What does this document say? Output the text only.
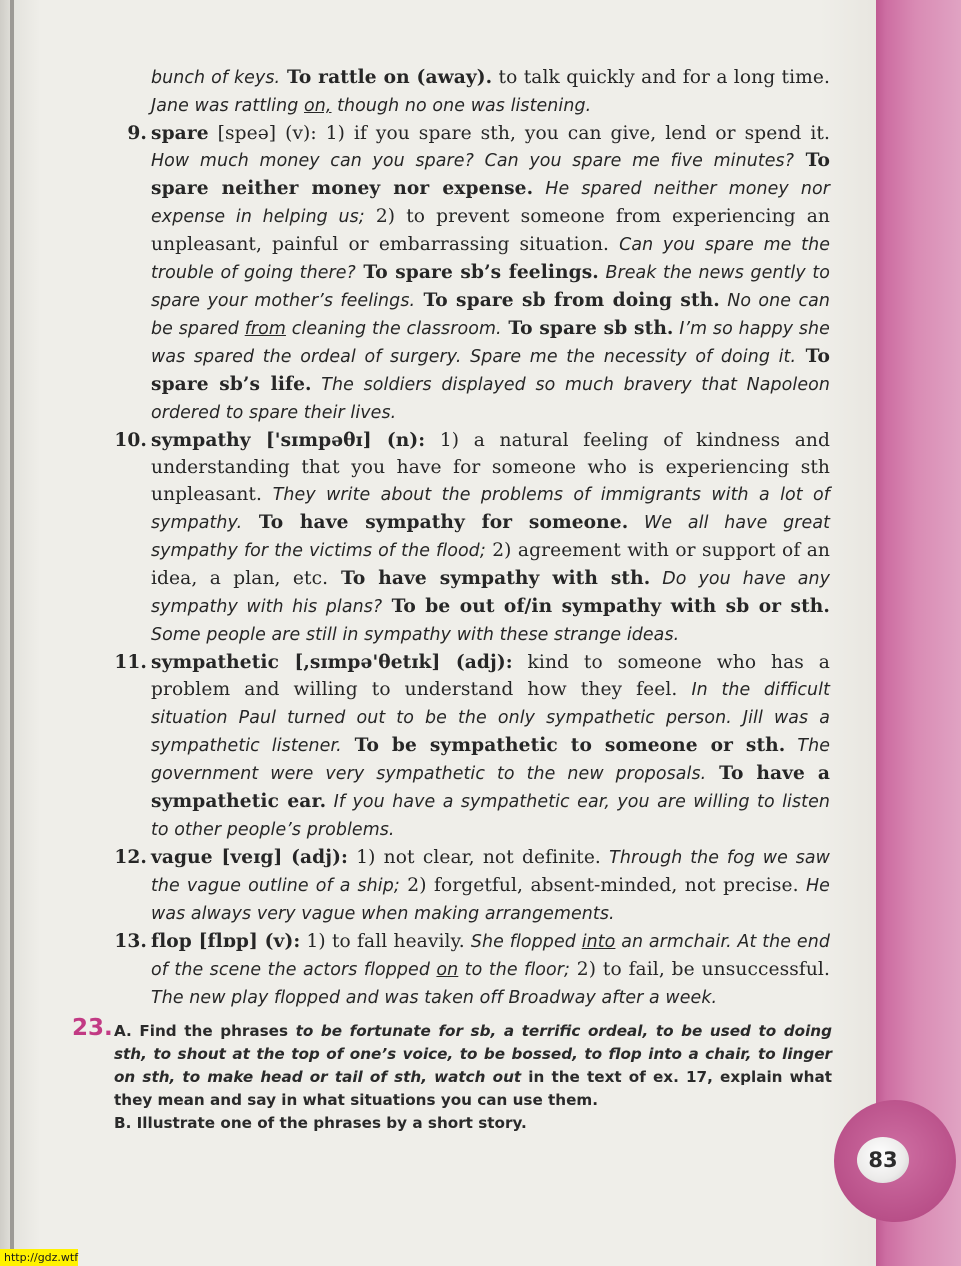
bunch of keys. To rattle on (away). to talk quickly and for a long time. Jane was rattling on, though no one was listening.
9. spare [speə] (v): 1) if you spare sth, you can give, lend or spend it. How much money can you spare? Can you spare me five minutes? To spare neither money nor expense. He spared neither money nor expense in helping us; 2) to prevent someone from experiencing an unpleasant, painful or embarrassing situation. Can you spare me the trouble of going there? To spare sb’s feelings. Break the news gently to spare your mother’s feelings. To spare sb from doing sth. No one can be spared from cleaning the classroom. To spare sb sth. I’m so happy she was spared the ordeal of surgery. Spare me the necessity of doing it. To spare sb’s life. The soldiers displayed so much bravery that Napoleon ordered to spare their lives.
10. sympathy ['sɪmpəθɪ] (n): 1) a natural feeling of kindness and understanding that you have for someone who is experiencing sth unpleasant. They write about the problems of immigrants with a lot of sympathy. To have sympathy for someone. We all have great sympathy for the victims of the flood; 2) agreement with or support of an idea, a plan, etc. To have sympathy with sth. Do you have any sympathy with his plans? To be out of/in sympathy with sb or sth. Some people are still in sympathy with these strange ideas.
11. sympathetic [,sɪmpə'θetɪk] (adj): kind to someone who has a problem and willing to understand how they feel. In the difficult situation Paul turned out to be the only sympathetic person. Jill was a sympathetic listener. To be sympathetic to someone or sth. The government were very sympathetic to the new proposals. To have a sympathetic ear. If you have a sympathetic ear, you are willing to listen to other people’s problems.
12. vague [veɪg] (adj): 1) not clear, not definite. Through the fog we saw the vague outline of a ship; 2) forgetful, absent-minded, not precise. He was always very vague when making arrangements.
13. flop [flɒp] (v): 1) to fall heavily. She flopped into an armchair. At the end of the scene the actors flopped on to the floor; 2) to fail, be unsuccessful. The new play flopped and was taken off Broadway after a week.
23. A. Find the phrases to be fortunate for sb, a terrific ordeal, to be used to doing sth, to shout at the top of one’s voice, to be bossed, to flop into a chair, to linger on sth, to make head or tail of sth, watch out in the text of ex. 17, explain what they mean and say in what situations you can use them.
B. Illustrate one of the phrases by a short story.
83
http://gdz.wtf
